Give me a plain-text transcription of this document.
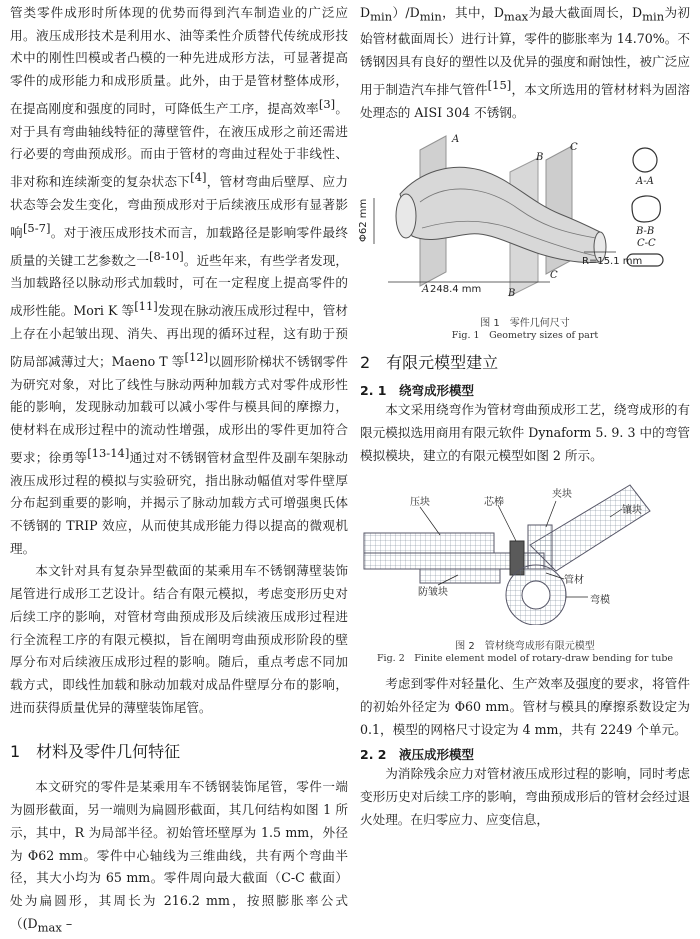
管类零件成形时所体现的优势而得到汽车制造业的广泛应用。液压成形技术是利用水、油等柔性介质替代传统成形技术中的刚性凹模或者凸模的一种先进成形方法，可显著提高零件的成形能力和成形质量。此外，由于是管材整体成形，在提高刚度和强度的同时，可降低生产工序，提高效率[3]。对于具有弯曲轴线特征的薄壁管件，在液压成形之前还需进行必要的弯曲预成形。而由于管材的弯曲过程处于非线性、非对称和连续渐变的复杂状态下[4]，管材弯曲后壁厚、应力状态等会发生变化，弯曲预成形对于后续液压成形有显著影响[5-7]。对于液压成形技术而言，加载路径是影响零件最终质量的关键工艺参数之一[8-10]。近些年来，有些学者发现，当加载路径以脉动形式加载时，可在一定程度上提高零件的成形性能。Mori K 等[11]发现在脉动液压成形过程中，管材上存在小起皱出现、消失、再出现的循环过程，这有助于预防局部减薄过大；Maeno T 等[12]以圆形阶梯状不锈钢零件为研究对象，对比了线性与脉动两种加载方式对零件成形性能的影响，发现脉动加载可以减小零件与模具间的摩擦力，使材料在成形过程中的流动性增强，成形出的零件更加符合要求；徐勇等[13-14]通过对不锈钢管材盒型件及副车架脉动液压成形过程的模拟与实验研究，指出脉动幅值对零件壁厚分布起到重要的影响，并揭示了脉动加载方式可增强奥氏体不锈钢的 TRIP 效应，从而使其成形能力得以提高的微观机理。

本文针对具有复杂异型截面的某乘用车不锈钢薄壁装饰尾管进行成形工艺设计。结合有限元模拟，考虑变形历史对后续工序的影响，对管材弯曲预成形及后续液压成形过程进行全流程工序的有限元模拟，旨在阐明弯曲预成形阶段的壁厚分布对后续液压成形过程的影响。随后，重点考虑不同加载方式，即线性加载和脉动加载对成品件壁厚分布的影响，进而获得质量优异的薄壁装饰尾管。

1　材料及零件几何特征

本文研究的零件是某乘用车不锈钢装饰尾管，零件一端为圆形截面，另一端则为扁圆形截面，其几何结构如图 1 所示，其中，R 为局部半径。初始管坯壁厚为 1.5 mm，外径为 Φ62 mm。零件中心轴线为三维曲线，共有两个弯曲半径，其大小均为 65 mm。零件周向最大截面（C-C 截面）处为扁圆形，其周长为 216.2 mm，按照膨胀率公式（($D_{max}$ –

$D_{min})/D_{min}$，其中，$D_{max}$为最大截面周长，$D_{min}$为初始管材截面周长）进行计算，零件的膨胀率为 14.70%。不锈钢因具有良好的塑性以及优异的强度和耐蚀性，被广泛应用于制造汽车排气管件[15]，本文所选用的管材材料为固溶处理态的 AISI 304 不锈钢。

A
B
C
A	B
C
Φ62 mm
248.4 mm
R=15.1 mm
A-A
B-B
C-C
图 1　零件几何尺寸
Fig. 1　Geometry sizes of part
2　有限元模型建立
2. 1　绕弯成形模型

本文采用绕弯作为管材弯曲预成形工艺，绕弯成形的有限元模拟选用商用有限元软件 Dynaform 5. 9. 3 中的弯管模拟模块，建立的有限元模型如图 2 所示。

压块	芯棒
夹块
镶块
防皱块
管材
弯模
图 2　管材绕弯成形有限元模型
Fig. 2　Finite element model of rotary-draw bending for tube

考虑到零件对轻量化、生产效率及强度的要求，将管件的初始外径定为 Φ60 mm。管材与模具的摩擦系数设定为 0.1，模型的网格尺寸设定为 4 mm，共有 2249 个单元。

2. 2　液压成形模型

为消除残余应力对管材液压成形过程的影响，同时考虑变形历史对后续工序的影响，弯曲预成形后的管材会经过退火处理。在归零应力、应变信息，
